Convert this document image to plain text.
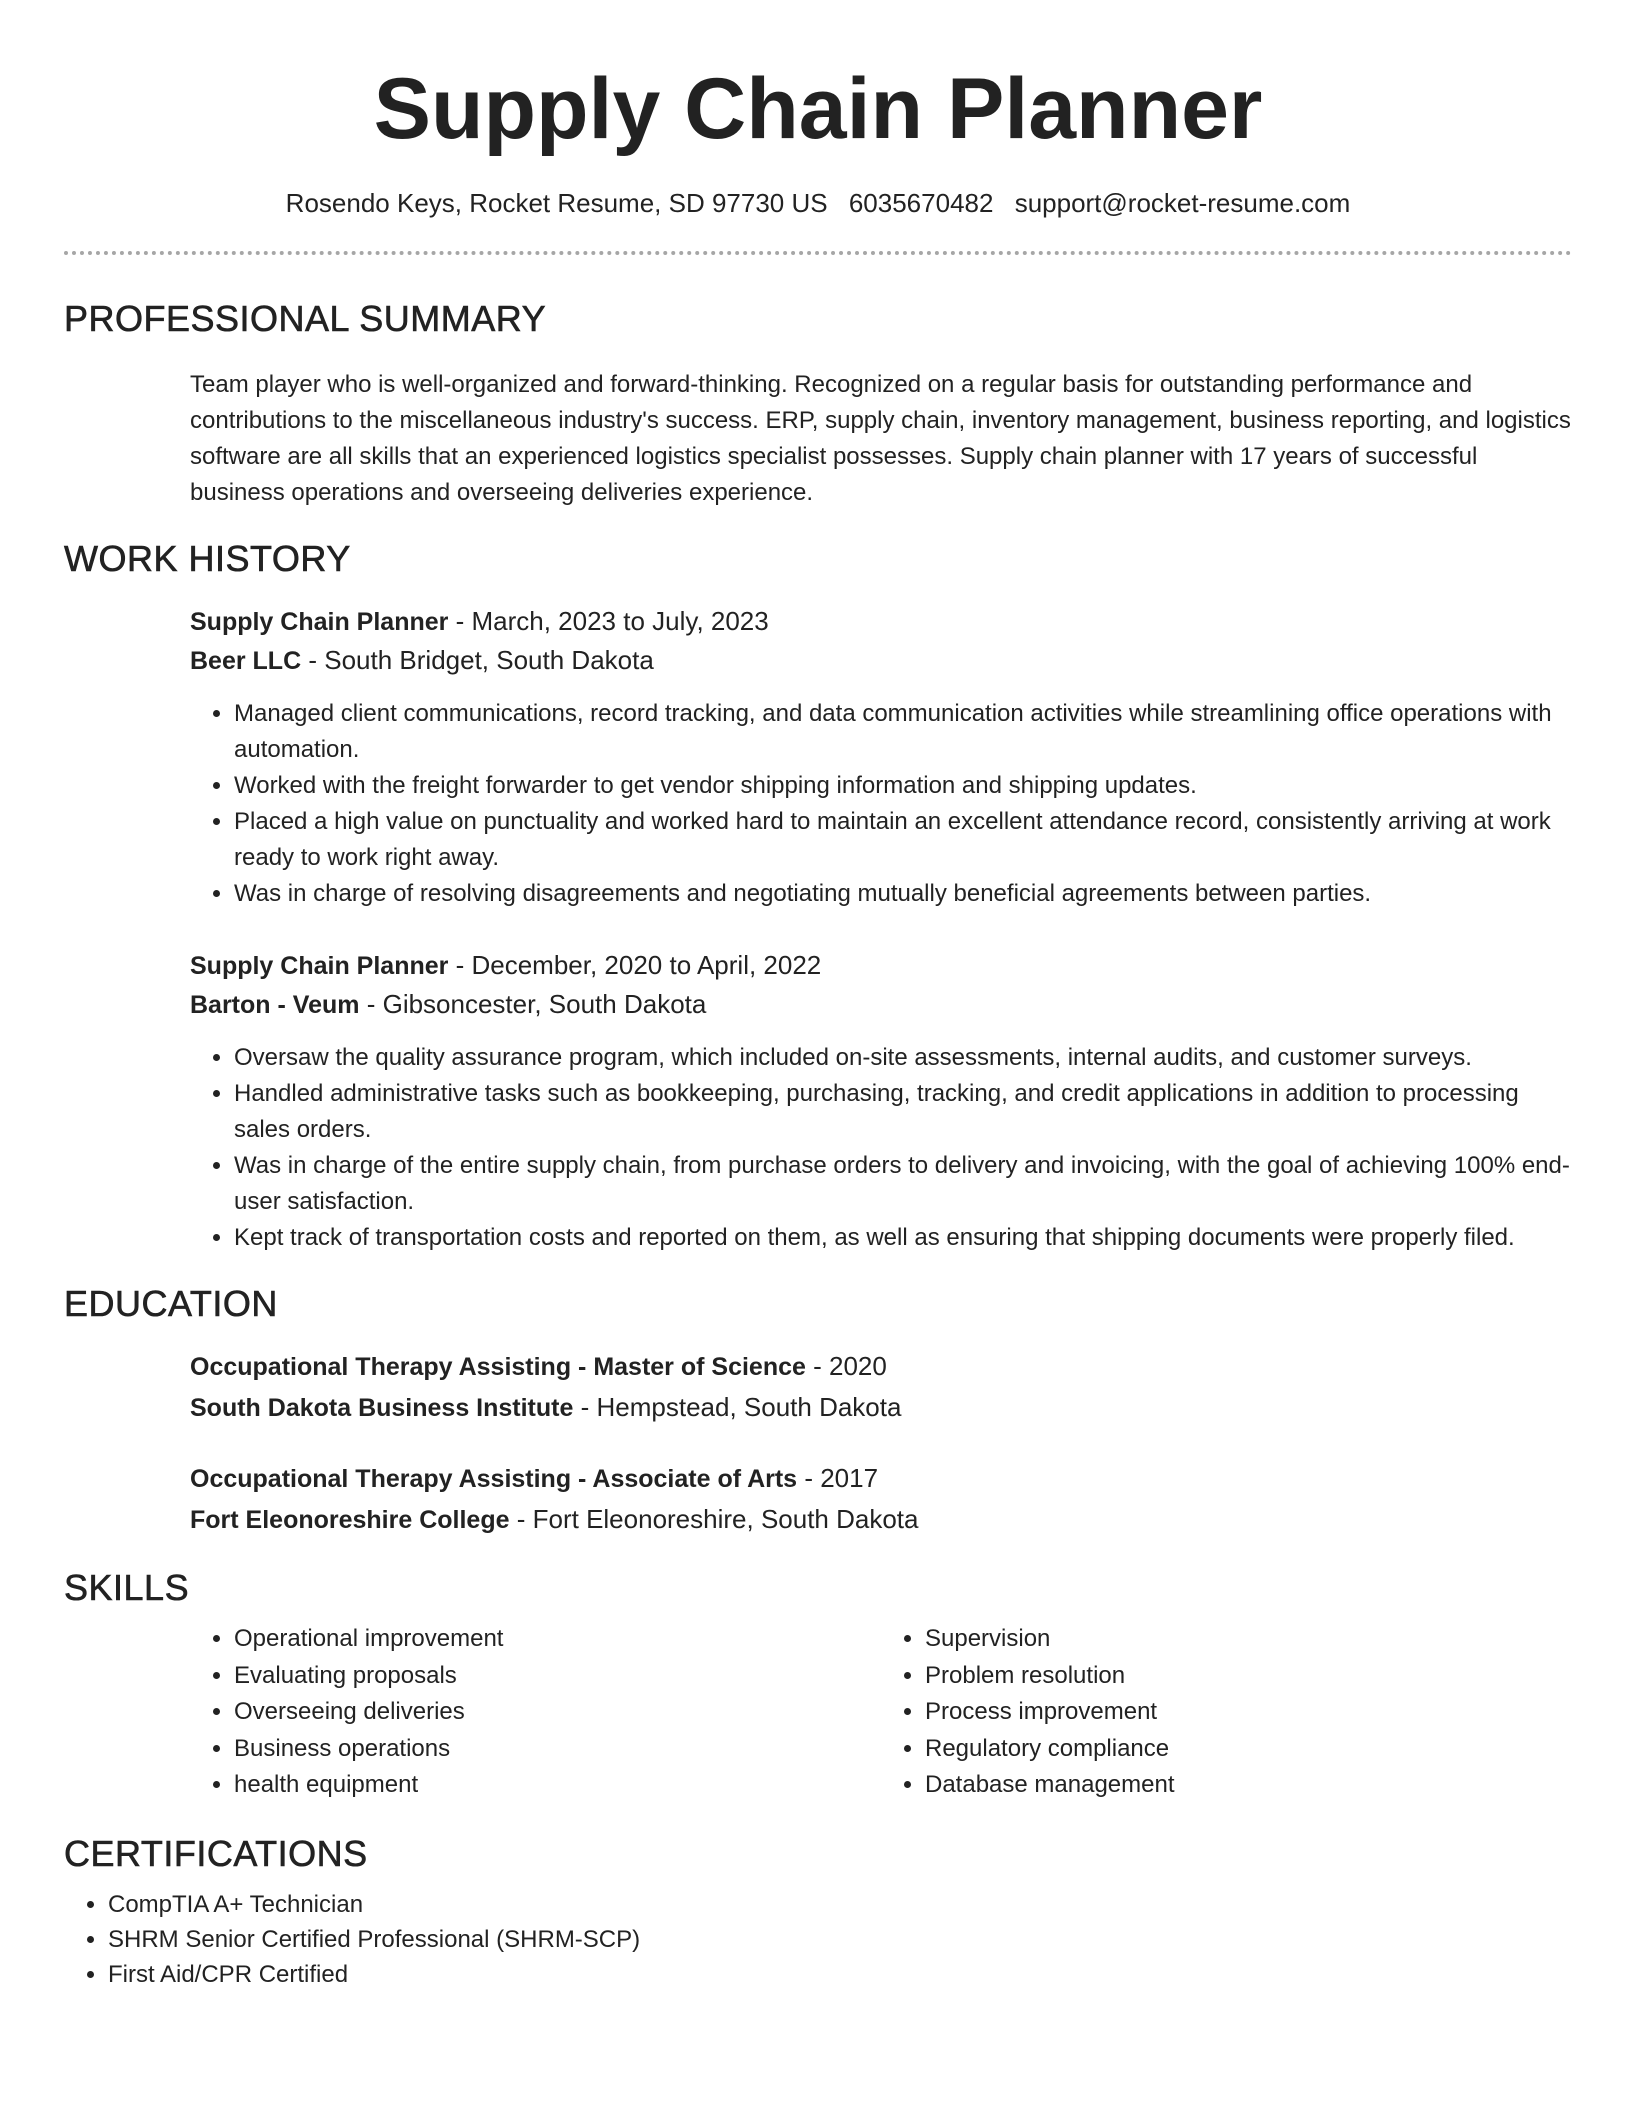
Supply Chain Planner
Rosendo Keys, Rocket Resume, SD 97730 US 6035670482 support@rocket-resume.com
PROFESSIONAL SUMMARY

Team player who is well-organized and forward-thinking. Recognized on a regular basis for outstanding performance and contributions to the miscellaneous industry's success. ERP, supply chain, inventory management, business reporting, and logistics software are all skills that an experienced logistics specialist possesses. Supply chain planner with 17 years of successful business operations and overseeing deliveries experience.

WORK HISTORY
Supply Chain Planner - March, 2023 to July, 2023
Beer LLC - South Bridget, South Dakota
• Managed client communications, record tracking, and data communication activities while streamlining office operations with automation.
• Worked with the freight forwarder to get vendor shipping information and shipping updates.
• Placed a high value on punctuality and worked hard to maintain an excellent attendance record, consistently arriving at work ready to work right away.
• Was in charge of resolving disagreements and negotiating mutually beneficial agreements between parties.
Supply Chain Planner - December, 2020 to April, 2022
Barton - Veum - Gibsoncester, South Dakota
• Oversaw the quality assurance program, which included on-site assessments, internal audits, and customer surveys.
• Handled administrative tasks such as bookkeeping, purchasing, tracking, and credit applications in addition to processing sales orders.
• Was in charge of the entire supply chain, from purchase orders to delivery and invoicing, with the goal of achieving 100% end-user satisfaction.
• Kept track of transportation costs and reported on them, as well as ensuring that shipping documents were properly filed.
EDUCATION
Occupational Therapy Assisting - Master of Science - 2020
South Dakota Business Institute - Hempstead, South Dakota
Occupational Therapy Assisting - Associate of Arts - 2017
Fort Eleonoreshire College - Fort Eleonoreshire, South Dakota
SKILLS
• Operational improvement
• Evaluating proposals
• Overseeing deliveries
• Business operations
• health equipment
• Supervision
• Problem resolution
• Process improvement
• Regulatory compliance
• Database management
CERTIFICATIONS
• CompTIA A+ Technician
• SHRM Senior Certified Professional (SHRM-SCP)
• First Aid/CPR Certified
